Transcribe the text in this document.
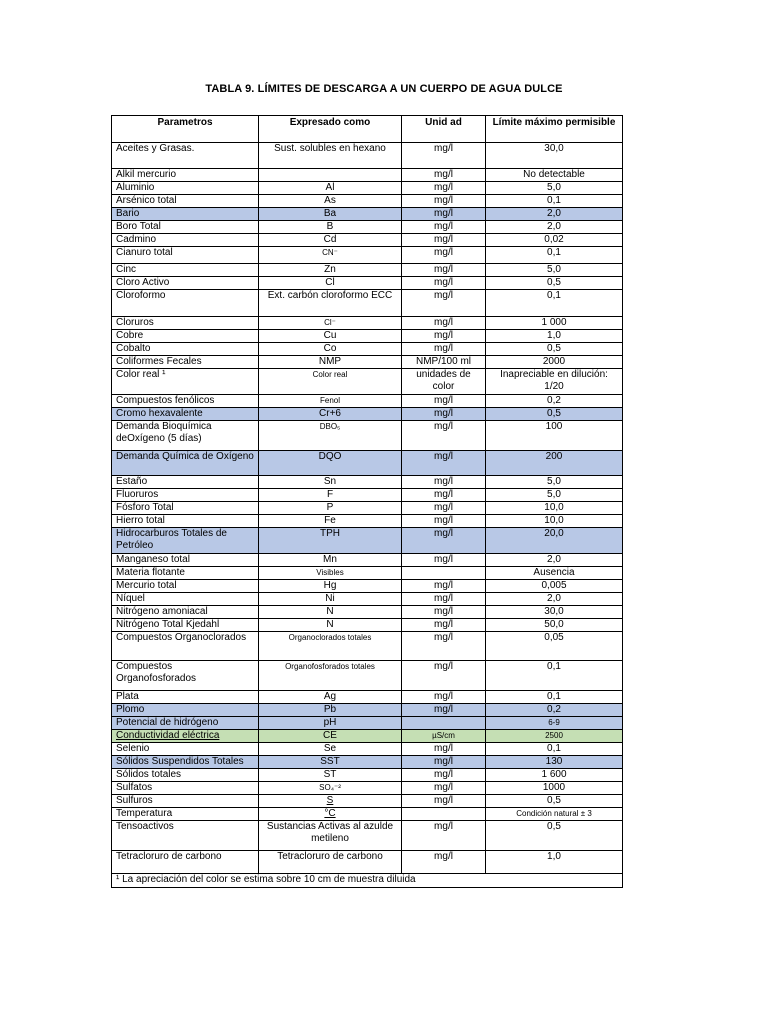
TABLA 9. LÍMITES DE DESCARGA A UN CUERPO DE AGUA DULCE
Parametros	Expresado como	Unid ad	Límite máximo permisible
Aceites y Grasas.	Sust. solubles en hexano	mg/l	30,0
Alkil mercurio		mg/l	No detectable
Aluminio	Al	mg/l	5,0
Arsénico total	As	mg/l	0,1
Bario	Ba	mg/l	2,0
Boro Total	B	mg/l	2,0
Cadmino	Cd	mg/l	0,02
Cianuro total	CN⁻	mg/l	0,1
Cinc	Zn	mg/l	5,0
Cloro Activo	Cl	mg/l	0,5
Cloroformo	Ext. carbón cloroformo ECC	mg/l	0,1
Cloruros	Cl⁻	mg/l	1 000
Cobre	Cu	mg/l	1,0
Cobalto	Co	mg/l	0,5
Coliformes Fecales	NMP	NMP/100 ml	2000
Color real ¹	Color real	unidades de color	Inapreciable en dilución: 1/20
Compuestos fenólicos	Fenol	mg/l	0,2
Cromo hexavalente	Cr+6	mg/l	0,5
Demanda Bioquímica deOxígeno (5 días)	DBO₅	mg/l	100
Demanda Química de Oxígeno	DQO	mg/l	200
Estaño	Sn	mg/l	5,0
Fluoruros	F	mg/l	5,0
Fósforo Total	P	mg/l	10,0
Hierro total	Fe	mg/l	10,0
Hidrocarburos Totales de Petróleo	TPH	mg/l	20,0
Manganeso total	Mn	mg/l	2,0
Materia flotante	Visibles		Ausencia
Mercurio total	Hg	mg/l	0,005
Níquel	Ni	mg/l	2,0
Nitrógeno amoniacal	N	mg/l	30,0
Nitrógeno Total Kjedahl	N	mg/l	50,0
Compuestos Organoclorados	Organoclorados totales	mg/l	0,05
Compuestos Organofosforados	Organofosforados totales	mg/l	0,1
Plata	Ag	mg/l	0,1
Plomo	Pb	mg/l	0,2
Potencial de hidrógeno	pH		6-9
Conductividad eléctrica	CE	µS/cm	2500
Selenio	Se	mg/l	0,1
Sólidos Suspendidos Totales	SST	mg/l	130
Sólidos totales	ST	mg/l	1 600
Sulfatos	SO₄⁻²	mg/l	1000
Sulfuros	S	mg/l	0,5
Temperatura	°C		Condición natural ± 3
Tensoactivos	Sustancias Activas al azulde metileno	mg/l	0,5
Tetracloruro de carbono	Tetracloruro de carbono	mg/l	1,0
¹ La apreciación del color se estima sobre 10 cm de muestra diluida			
